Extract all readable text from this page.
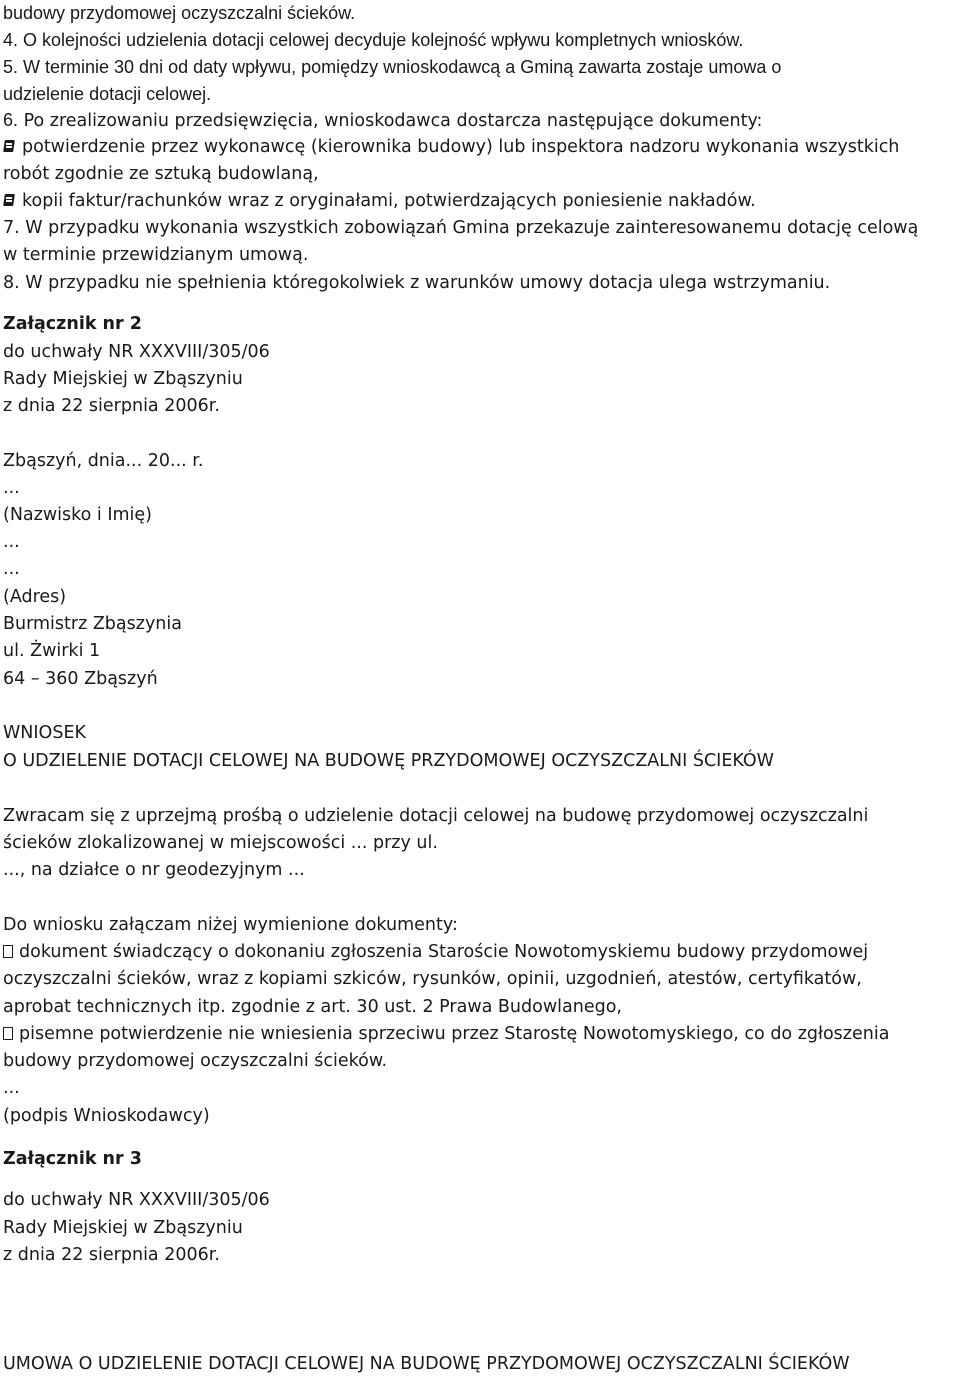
budowy przydomowej oczyszczalni ścieków.

4. O kolejności udzielenia dotacji celowej decyduje kolejność wpływu kompletnych wniosków.

5. W terminie 30 dni od daty wpływu, pomiędzy wnioskodawcą a Gminą zawarta zostaje umowa o

udzielenie dotacji celowej.

6. Po zrealizowaniu przedsięwzięcia, wnioskodawca dostarcza następujące dokumenty:

potwierdzenie przez wykonawcę (kierownika budowy) lub inspektora nadzoru wykonania wszystkich

robót zgodnie ze sztuką budowlaną,

kopii faktur/rachunków wraz z oryginałami, potwierdzających poniesienie nakładów.

7. W przypadku wykonania wszystkich zobowiązań Gmina przekazuje zainteresowanemu dotację celową

w terminie przewidzianym umową.

8. W przypadku nie spełnienia któregokolwiek z warunków umowy dotacja ulega wstrzymaniu.

Załącznik nr 2

do uchwały NR XXXVIII/305/06

Rady Miejskiej w Zbąszyniu

z dnia 22 sierpnia 2006r.

Zbąszyń, dnia... 20... r.

...

(Nazwisko i Imię)

...

...

(Adres)

Burmistrz Zbąszynia

ul. Żwirki 1

64 – 360 Zbąszyń

WNIOSEK

O UDZIELENIE DOTACJI CELOWEJ NA BUDOWĘ PRZYDOMOWEJ OCZYSZCZALNI ŚCIEKÓW

Zwracam się z uprzejmą prośbą o udzielenie dotacji celowej na budowę przydomowej oczyszczalni

ścieków zlokalizowanej w miejscowości ... przy ul.

..., na działce o nr geodezyjnym ...

Do wniosku załączam niżej wymienione dokumenty:

dokument świadczący o dokonaniu zgłoszenia Staroście Nowotomyskiemu budowy przydomowej

oczyszczalni ścieków, wraz z kopiami szkiców, rysunków, opinii, uzgodnień, atestów, certyfikatów,

aprobat technicznych itp. zgodnie z art. 30 ust. 2 Prawa Budowlanego,

pisemne potwierdzenie nie wniesienia sprzeciwu przez Starostę Nowotomyskiego, co do zgłoszenia

budowy przydomowej oczyszczalni ścieków.

...

(podpis Wnioskodawcy)

Załącznik nr 3

do uchwały NR XXXVIII/305/06

Rady Miejskiej w Zbąszyniu

z dnia 22 sierpnia 2006r.

UMOWA O UDZIELENIE DOTACJI CELOWEJ NA BUDOWĘ PRZYDOMOWEJ OCZYSZCZALNI ŚCIEKÓW
